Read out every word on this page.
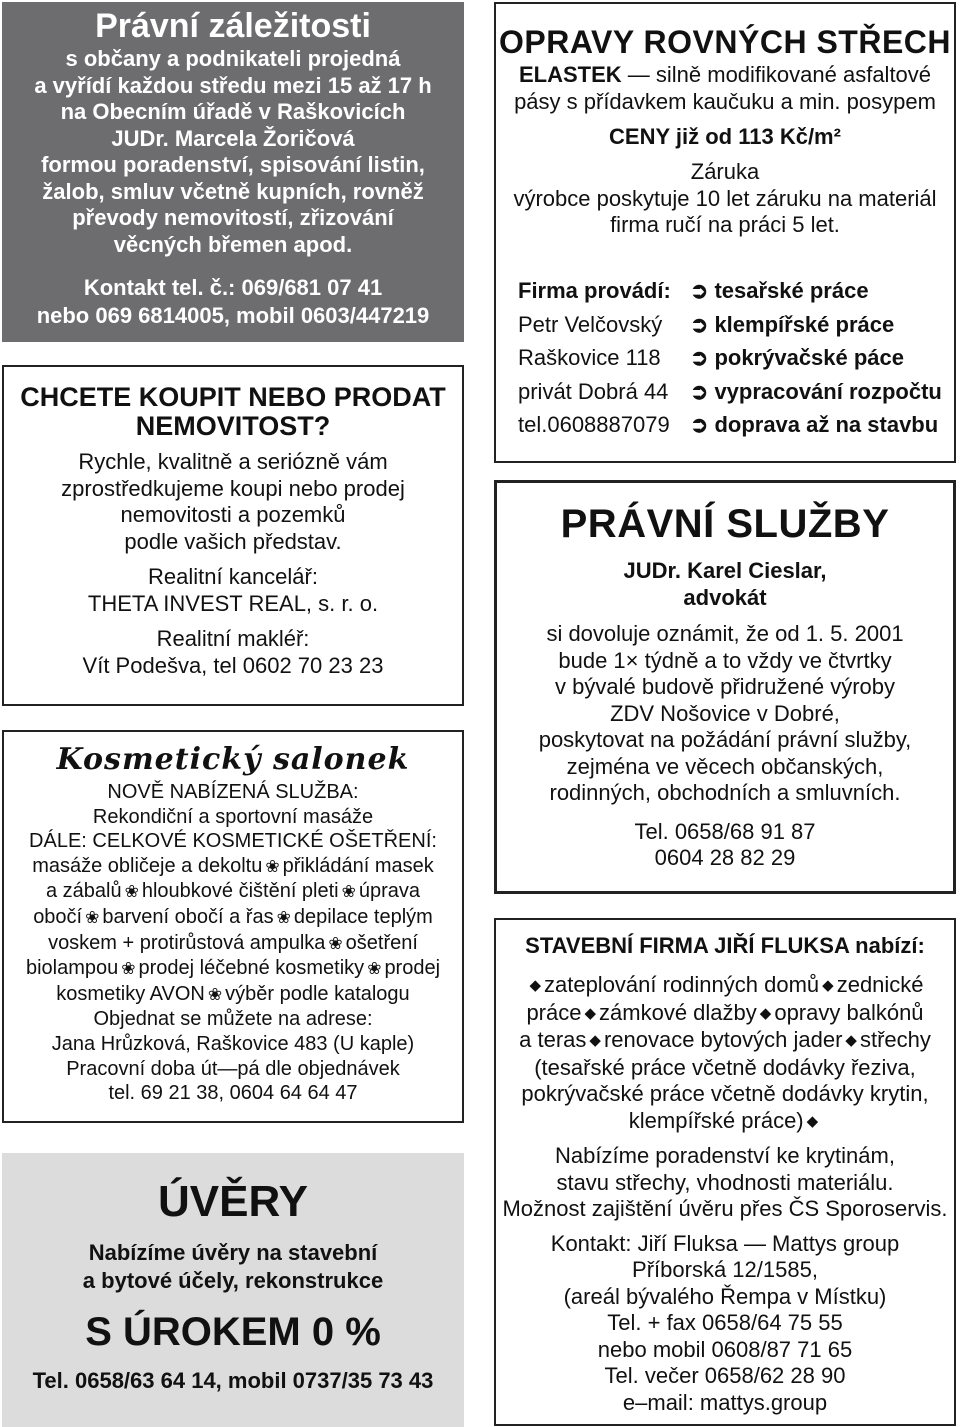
Právní záležitosti

s občany a podnikateli projedná
a vyřídí každou středu mezi 15 až 17 h
na Obecním úřadě v Raškovicích
JUDr. Marcela Žoričová
formou poradenství, spisování listin,
žalob, smluv včetně kupních, rovněž
převody nemovitostí, zřizování
věcných břemen apod.
Kontakt tel. č.: 069/681 07 41
nebo 069 6814005, mobil 0603/447219
CHCETE KOUPIT NEBO PRODAT
NEMOVITOST?
Rychle, kvalitně a seriózně vám
zprostředkujeme koupi nebo prodej
nemovitosti a pozemků
podle vašich představ.
Realitní kancelář:
THETA INVEST REAL, s. r. o.
Realitní makléř:
Vít Podešva, tel 0602 70 23 23

Kosmetický salonek

NOVĚ NABÍZENÁ SLUŽBA:
Rekondiční a sportovní masáže
DÁLE: CELKOVÉ KOSMETICKÉ OŠETŘENÍ:
masáže obličeje a dekoltu ❀ přikládání masek
a zábalů ❀ hloubkové čištění pleti ❀ úprava
obočí ❀ barvení obočí a řas ❀ depilace teplým
voskem + protirůstová ampulka ❀ ošetření
biolampou ❀ prodej léčebné kosmetiky ❀ prodej
kosmetiky AVON ❀ výběr podle katalogu
Objednat se můžete na adrese:
Jana Hrůzková, Raškovice 483 (U kaple)
Pracovní doba út—pá dle objednávek
tel. 69 21 38, 0604 64 64 47

ÚVĚRY

Nabízíme úvěry na stavební
a bytové účely, rekonstrukce

S ÚROKEM 0 %

Tel. 0658/63 64 14, mobil 0737/35 73 43

OPRAVY ROVNÝCH STŘECH

ELASTEK — silně modifikované asfaltové
pásy s přídavkem kaučuku a min. posypem

CENY již od 113 Kč/m²

Záruka
výrobce poskytuje 10 let záruku na materiál
firma ručí na práci 5 let.
Firma provádí: ➲ tesařské práce
Petr Velčovský ➲ klempířské práce
Raškovice 118 ➲ pokrývačské páce
privát Dobrá 44 ➲ vypracování rozpočtu
tel.0608887079 ➲ doprava až na stavbu

PRÁVNÍ SLUŽBY

JUDr. Karel Cieslar,
advokát
si dovoluje oznámit, že od 1. 5. 2001
bude 1× týdně a to vždy ve čtvrtky
v bývalé budově přidružené výroby
ZDV Nošovice v Dobré,
poskytovat na požádání právní služby,
zejména ve věcech občanských,
rodinných, obchodních a smluvních.
Tel. 0658/68 91 87
0604 28 82 29

STAVEBNÍ FIRMA JIŘÍ FLUKSA nabízí:

◆ zateplování rodinných domů ◆ zednické
práce ◆ zámkové dlažby ◆ opravy balkónů
a teras ◆ renovace bytových jader ◆ střechy
(tesařské práce včetně dodávky řeziva,
pokrývačské práce včetně dodávky krytin,
klempířské práce) ◆
Nabízíme poradenství ke krytinám,
stavu střechy, vhodnosti materiálu.
Možnost zajištění úvěru přes ČS Sporoservis.
Kontakt: Jiří Fluksa — Mattys group
Příborská 12/1585,
(areál bývalého Řempa v Místku)
Tel. + fax 0658/64 75 55
nebo mobil 0608/87 71 65
Tel. večer 0658/62 28 90
e–mail: mattys.group
